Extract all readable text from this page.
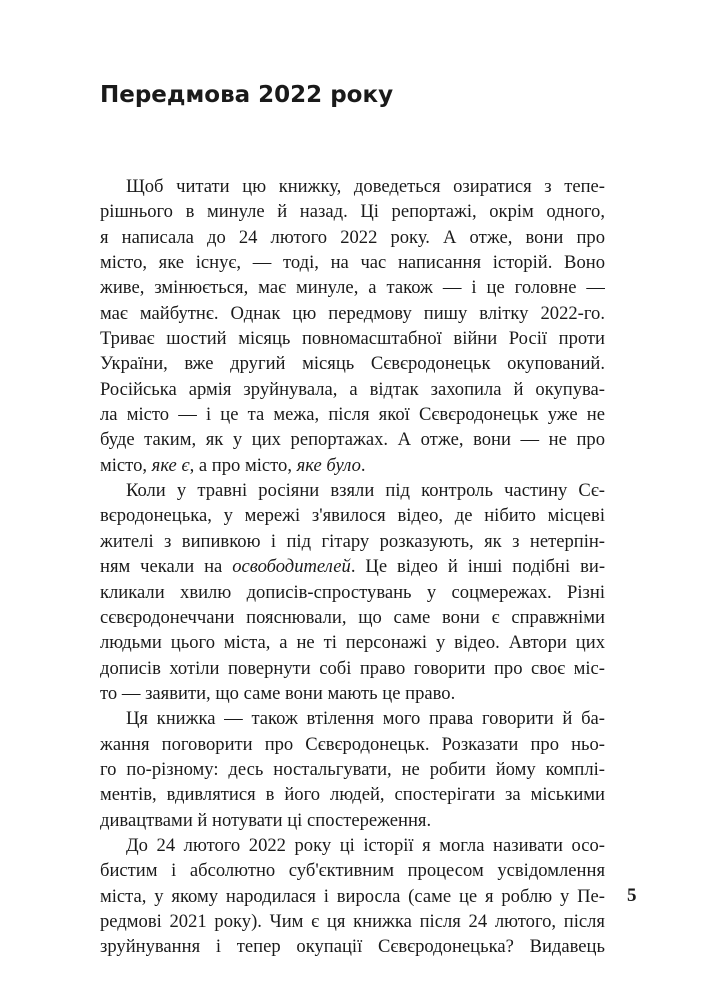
Передмова 2022 року

Щоб читати цю книжку, доведеться озиратися з тепе-
рішнього в минуле й назад. Ці репортажі, окрім одного,
я написала до 24 лютого 2022 року. А отже, вони про
місто, яке існує, — тоді, на час написання історій. Воно
живе, змінюється, має минуле, а також — і це головне —
має майбутнє. Однак цю передмову пишу влітку 2022-го.
Триває шостий місяць повномасштабної війни Росії проти
України, вже другий місяць Сєвєродонецьк окупований.
Російська армія зруйнувала, а відтак захопила й окупува-
ла місто — і це та межа, після якої Сєвєродонецьк уже не
буде таким, як у цих репортажах. А отже, вони — не про
місто, яке є, а про місто, яке було.

Коли у травні росіяни взяли під контроль частину Сє-
вєродонецька, у мережі з'явилося відео, де нібито місцеві
жителі з випивкою і під гітару розказують, як з нетерпін-
ням чекали на освободителей. Це відео й інші подібні ви-
кликали хвилю дописів-спростувань у соцмережах. Різні
сєвєродонеччани пояснювали, що саме вони є справжніми
людьми цього міста, а не ті персонажі у відео. Автори цих
дописів хотіли повернути собі право говорити про своє міс-
то — заявити, що саме вони мають це право.

Ця книжка — також втілення мого права говорити й ба-
жання поговорити про Сєвєродонецьк. Розказати про ньо-
го по-різному: десь ностальгувати, не робити йому комплі-
ментів, вдивлятися в його людей, спостерігати за міськими
дивацтвами й нотувати ці спостереження.

До 24 лютого 2022 року ці історії я могла називати осо-
бистим і абсолютно суб'єктивним процесом усвідомлення
міста, у якому народилася і виросла (саме це я роблю у Пе-
редмові 2021 року). Чим є ця книжка після 24 лютого, після
зруйнування і тепер окупації Сєвєродонецька? Видавець

5
